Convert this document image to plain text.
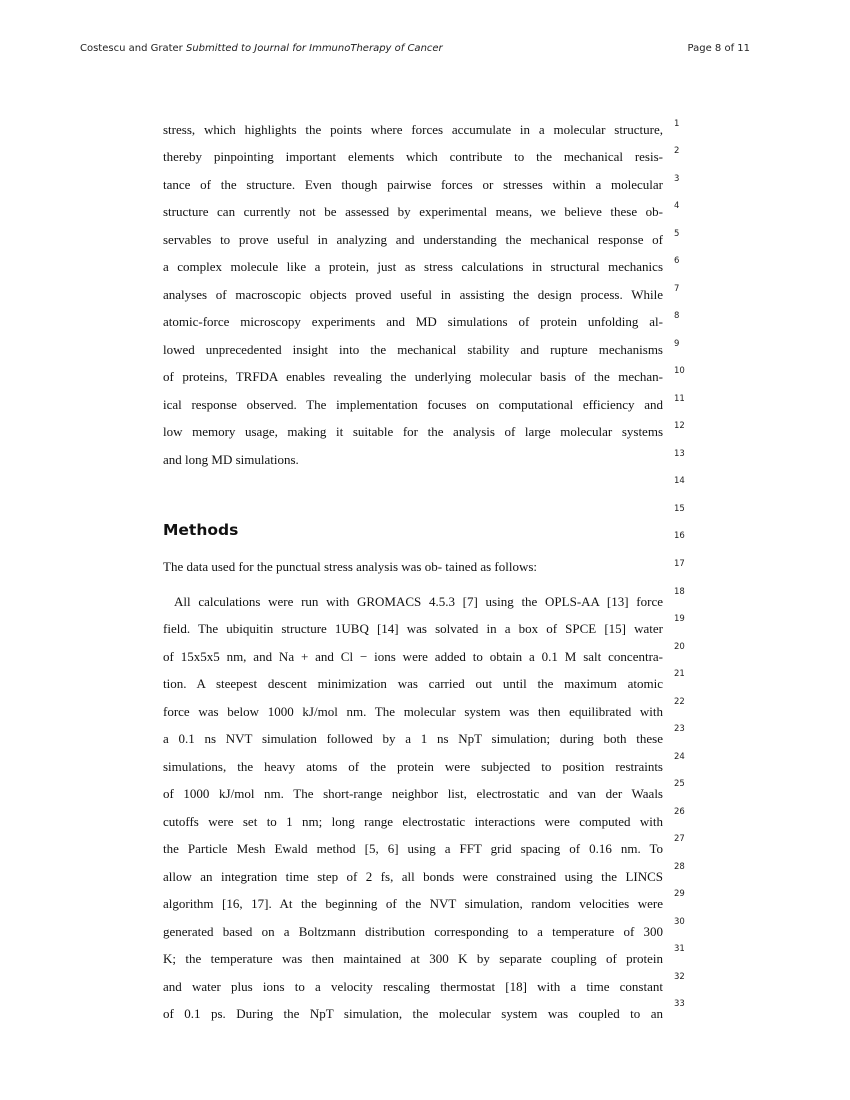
Costescu and Grater Submitted to Journal for ImmunoTherapy of Cancer	Page 8 of 11
stress, which highlights the points where forces accumulate in a molecular structure,
thereby pinpointing important elements which contribute to the mechanical resis-
tance of the structure. Even though pairwise forces or stresses within a molecular
structure can currently not be assessed by experimental means, we believe these ob-
servables to prove useful in analyzing and understanding the mechanical response of
a complex molecule like a protein, just as stress calculations in structural mechanics
analyses of macroscopic objects proved useful in assisting the design process. While
atomic-force microscopy experiments and MD simulations of protein unfolding al-
lowed unprecedented insight into the mechanical stability and rupture mechanisms
of proteins, TRFDA enables revealing the underlying molecular basis of the mechan-
ical response observed. The implementation focuses on computational efficiency and
low memory usage, making it suitable for the analysis of large molecular systems
and long MD simulations.
Methods
The data used for the punctual stress analysis was ob- tained as follows:
All calculations were run with GROMACS 4.5.3 [7] using the OPLS-AA [13] force
field. The ubiquitin structure 1UBQ [14] was solvated in a box of SPCE [15] water
of 15x5x5 nm, and Na + and Cl − ions were added to obtain a 0.1 M salt concentra-
tion. A steepest descent minimization was carried out until the maximum atomic
force was below 1000 kJ/mol nm. The molecular system was then equilibrated with
a 0.1 ns NVT simulation followed by a 1 ns NpT simulation; during both these
simulations, the heavy atoms of the protein were subjected to position restraints
of 1000 kJ/mol nm. The short-range neighbor list, electrostatic and van der Waals
cutoffs were set to 1 nm; long range electrostatic interactions were computed with
the Particle Mesh Ewald method [5, 6] using a FFT grid spacing of 0.16 nm. To
allow an integration time step of 2 fs, all bonds were constrained using the LINCS
algorithm [16, 17]. At the beginning of the NVT simulation, random velocities were
generated based on a Boltzmann distribution corresponding to a temperature of 300
K; the temperature was then maintained at 300 K by separate coupling of protein
and water plus ions to a velocity rescaling thermostat [18] with a time constant
of 0.1 ps. During the NpT simulation, the molecular system was coupled to an
1
2
3
4
5
6
7
8
9
10
11
12
13
14
15
16
17
18
19
20
21
22
23
24
25
26
27
28
29
30
31
32
33
